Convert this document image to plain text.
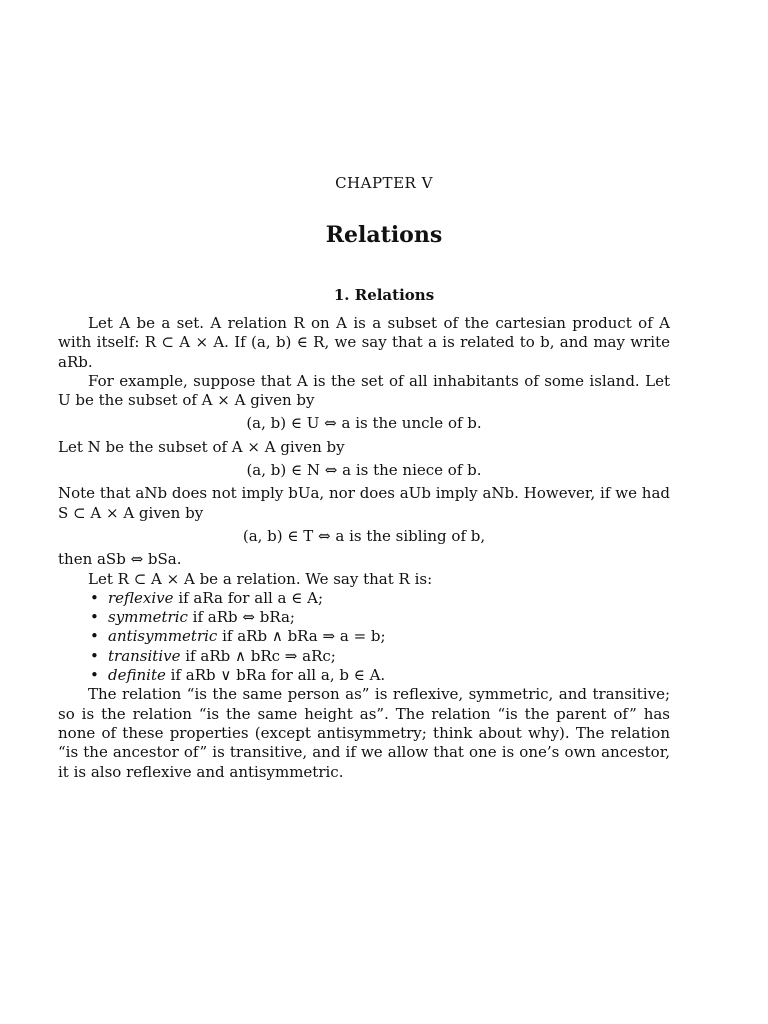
CHAPTER V
Relations
1. Relations

Let A be a set. A relation R on A is a subset of the cartesian product of A with itself: R ⊂ A × A. If (a, b) ∈ R, we say that a is related to b, and may write aRb.

For example, suppose that A is the set of all inhabitants of some island. Let U be the subset of A × A given by

(a, b) ∈ U ⇔ a is the uncle of b.

Let N be the subset of A × A given by

(a, b) ∈ N ⇔ a is the niece of b.

Note that aNb does not imply bUa, nor does aUb imply aNb. However, if we had S ⊂ A × A given by

(a, b) ∈ T ⇔ a is the sibling of b,

then aSb ⇔ bSa.

Let R ⊂ A × A be a relation. We say that R is:

• reflexive if aRa for all a ∈ A;
• symmetric if aRb ⇔ bRa;
• antisymmetric if aRb ∧ bRa ⇒ a = b;
• transitive if aRb ∧ bRc ⇒ aRc;
• definite if aRb ∨ bRa for all a, b ∈ A.

The relation “is the same person as” is reflexive, symmetric, and transitive; so is the relation “is the same height as”. The relation “is the parent of” has none of these properties (except antisymmetry; think about why). The relation “is the ancestor of” is transitive, and if we allow that one is one’s own ancestor, it is also reflexive and antisymmetric.
